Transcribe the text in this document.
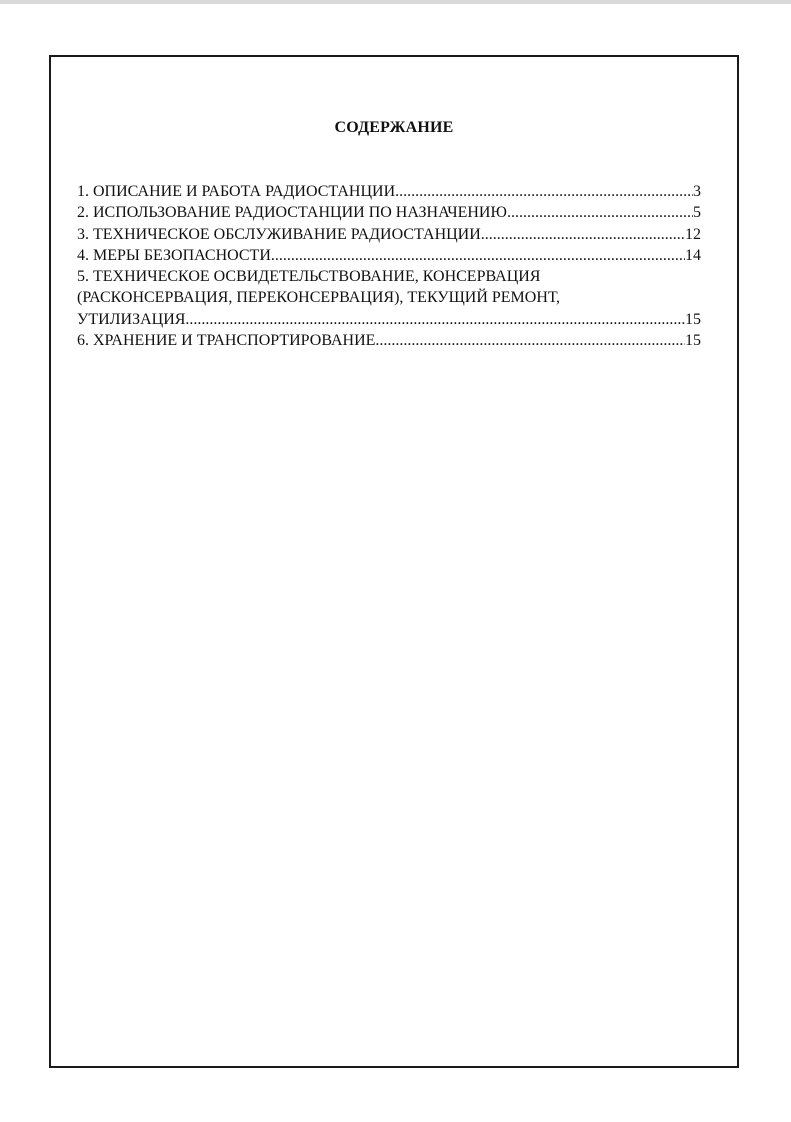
СОДЕРЖАНИЕ
1. ОПИСАНИЕ И РАБОТА РАДИОСТАНЦИИ .....	3
2. ИСПОЛЬЗОВАНИЕ РАДИОСТАНЦИИ ПО НАЗНАЧЕНИЮ .....	5
3. ТЕХНИЧЕСКОЕ ОБСЛУЖИВАНИЕ РАДИОСТАНЦИИ .....	12
4. МЕРЫ БЕЗОПАСНОСТИ .....	14
5. ТЕХНИЧЕСКОЕ ОСВИДЕТЕЛЬСТВОВАНИЕ, КОНСЕРВАЦИЯ
(РАСКОНСЕРВАЦИЯ, ПЕРЕКОНСЕРВАЦИЯ), ТЕКУЩИЙ РЕМОНТ,
УТИЛИЗАЦИЯ .....	15
6. ХРАНЕНИЕ И ТРАНСПОРТИРОВАНИЕ .....	15
